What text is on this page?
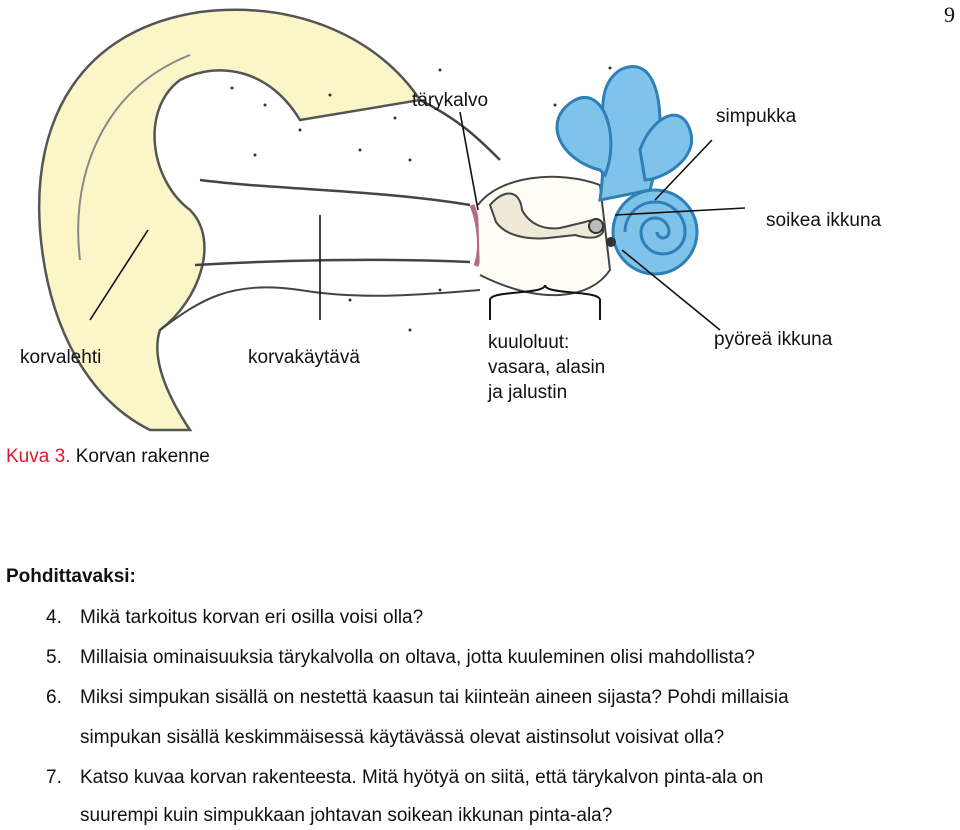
9
tärykalvo
simpukka
soikea ikkuna
korvalehti	korvakäytävä
kuuloluut:
vasara, alasin
ja jalustin
pyöreä ikkuna
Kuva 3. Korvan rakenne
Pohdittavaksi:
4. Mikä tarkoitus korvan eri osilla voisi olla?
5. Millaisia ominaisuuksia tärykalvolla on oltava, jotta kuuleminen olisi mahdollista?
6. Miksi simpukan sisällä on nestettä kaasun tai kiinteän aineen sijasta? Pohdi millaisia
simpukan sisällä keskimmäisessä käytävässä olevat aistinsolut voisivat olla?
7. Katso kuvaa korvan rakenteesta. Mitä hyötyä on siitä, että tärykalvon pinta-ala on
suurempi kuin simpukkaan johtavan soikean ikkunan pinta-ala?
